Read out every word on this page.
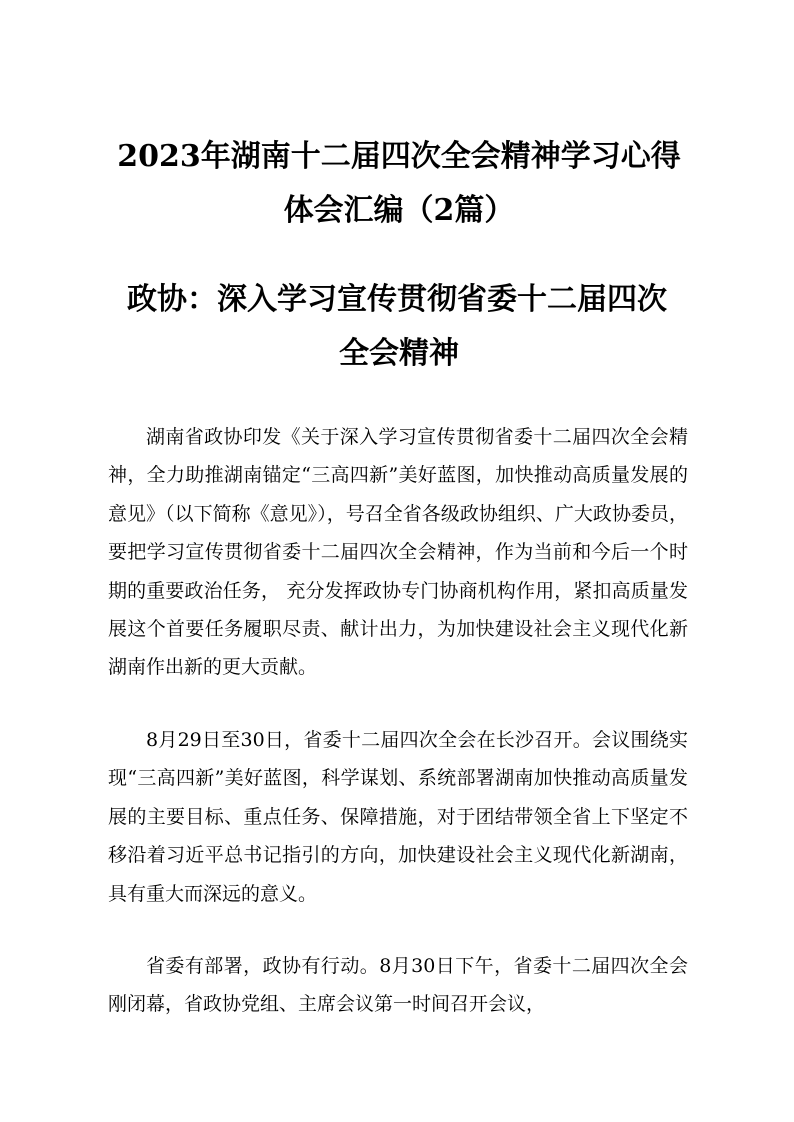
2023年湖南十二届四次全会精神学习心得
体会汇编（2篇）
政协：深入学习宣传贯彻省委十二届四次
全会精神

湖南省政协印发《关于深入学习宣传贯彻省委十二届四次全会精神，全力助推湖南锚定“三高四新”美好蓝图，加快推动高质量发展的意见》（以下简称《意见》），号召全省各级政协组织、广大政协委员，要把学习宣传贯彻省委十二届四次全会精神，作为当前和今后一个时期的重要政治任务， 充分发挥政协专门协商机构作用，紧扣高质量发展这个首要任务履职尽责、献计出力，为加快建设社会主义现代化新湖南作出新的更大贡献。

8月29日至30日，省委十二届四次全会在长沙召开。会议围绕实现“三高四新”美好蓝图，科学谋划、系统部署湖南加快推动高质量发展的主要目标、重点任务、保障措施，对于团结带领全省上下坚定不移沿着习近平总书记指引的方向，加快建设社会主义现代化新湖南，具有重大而深远的意义。

省委有部署，政协有行动。8月30日下午，省委十二届四次全会刚闭幕，省政协党组、主席会议第一时间召开会议，
